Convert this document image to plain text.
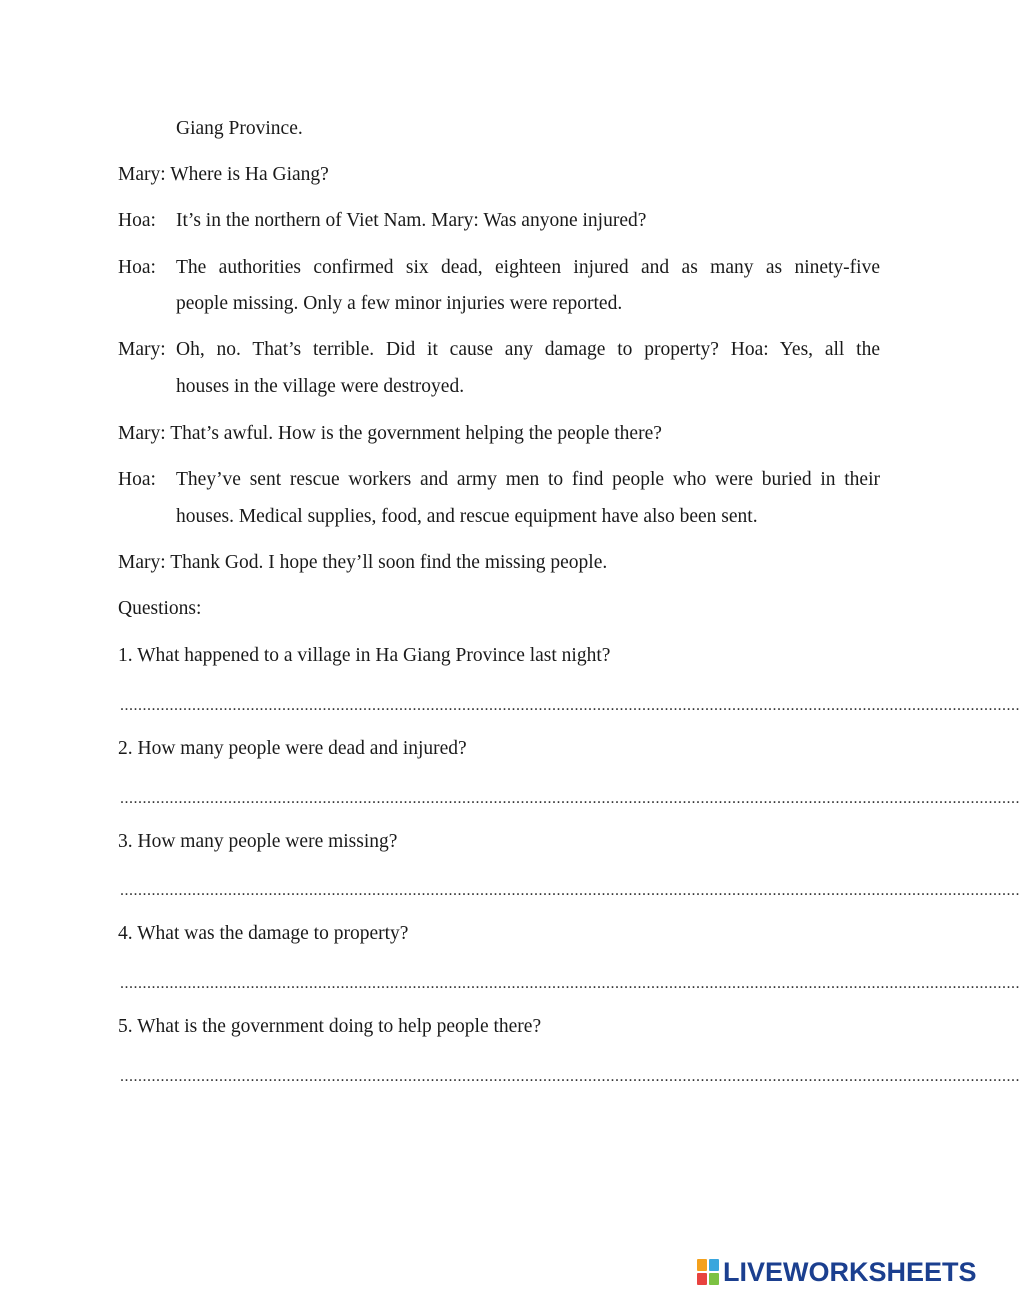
Giang Province.
Mary: Where is Ha Giang?
Hoa: It’s in the northern of Viet Nam. Mary: Was anyone injured?
Hoa:	The authorities confirmed six dead, eighteen injured and as many as ninety-five
people missing. Only a few minor injuries were reported.
Mary: Oh, no. That’s terrible. Did it cause any damage to property? Hoa: Yes, all the
houses in the village were destroyed.
Mary: That’s awful. How is the government helping the people there?
Hoa:	They’ve sent rescue workers and army men to find people who were buried in their
houses. Medical supplies, food, and rescue equipment have also been sent.
Mary: Thank God. I hope they’ll soon find the missing people.
Questions:
1. What happened to a village in Ha Giang Province last night?
........................................................................................................................................................................................................
2. How many people were dead and injured?
........................................................................................................................................................................................................
3. How many people were missing?
........................................................................................................................................................................................................
4. What was the damage to property?
........................................................................................................................................................................................................
5. What is the government doing to help people there?
........................................................................................................................................................................................................
LIVEWORKSHEETS
